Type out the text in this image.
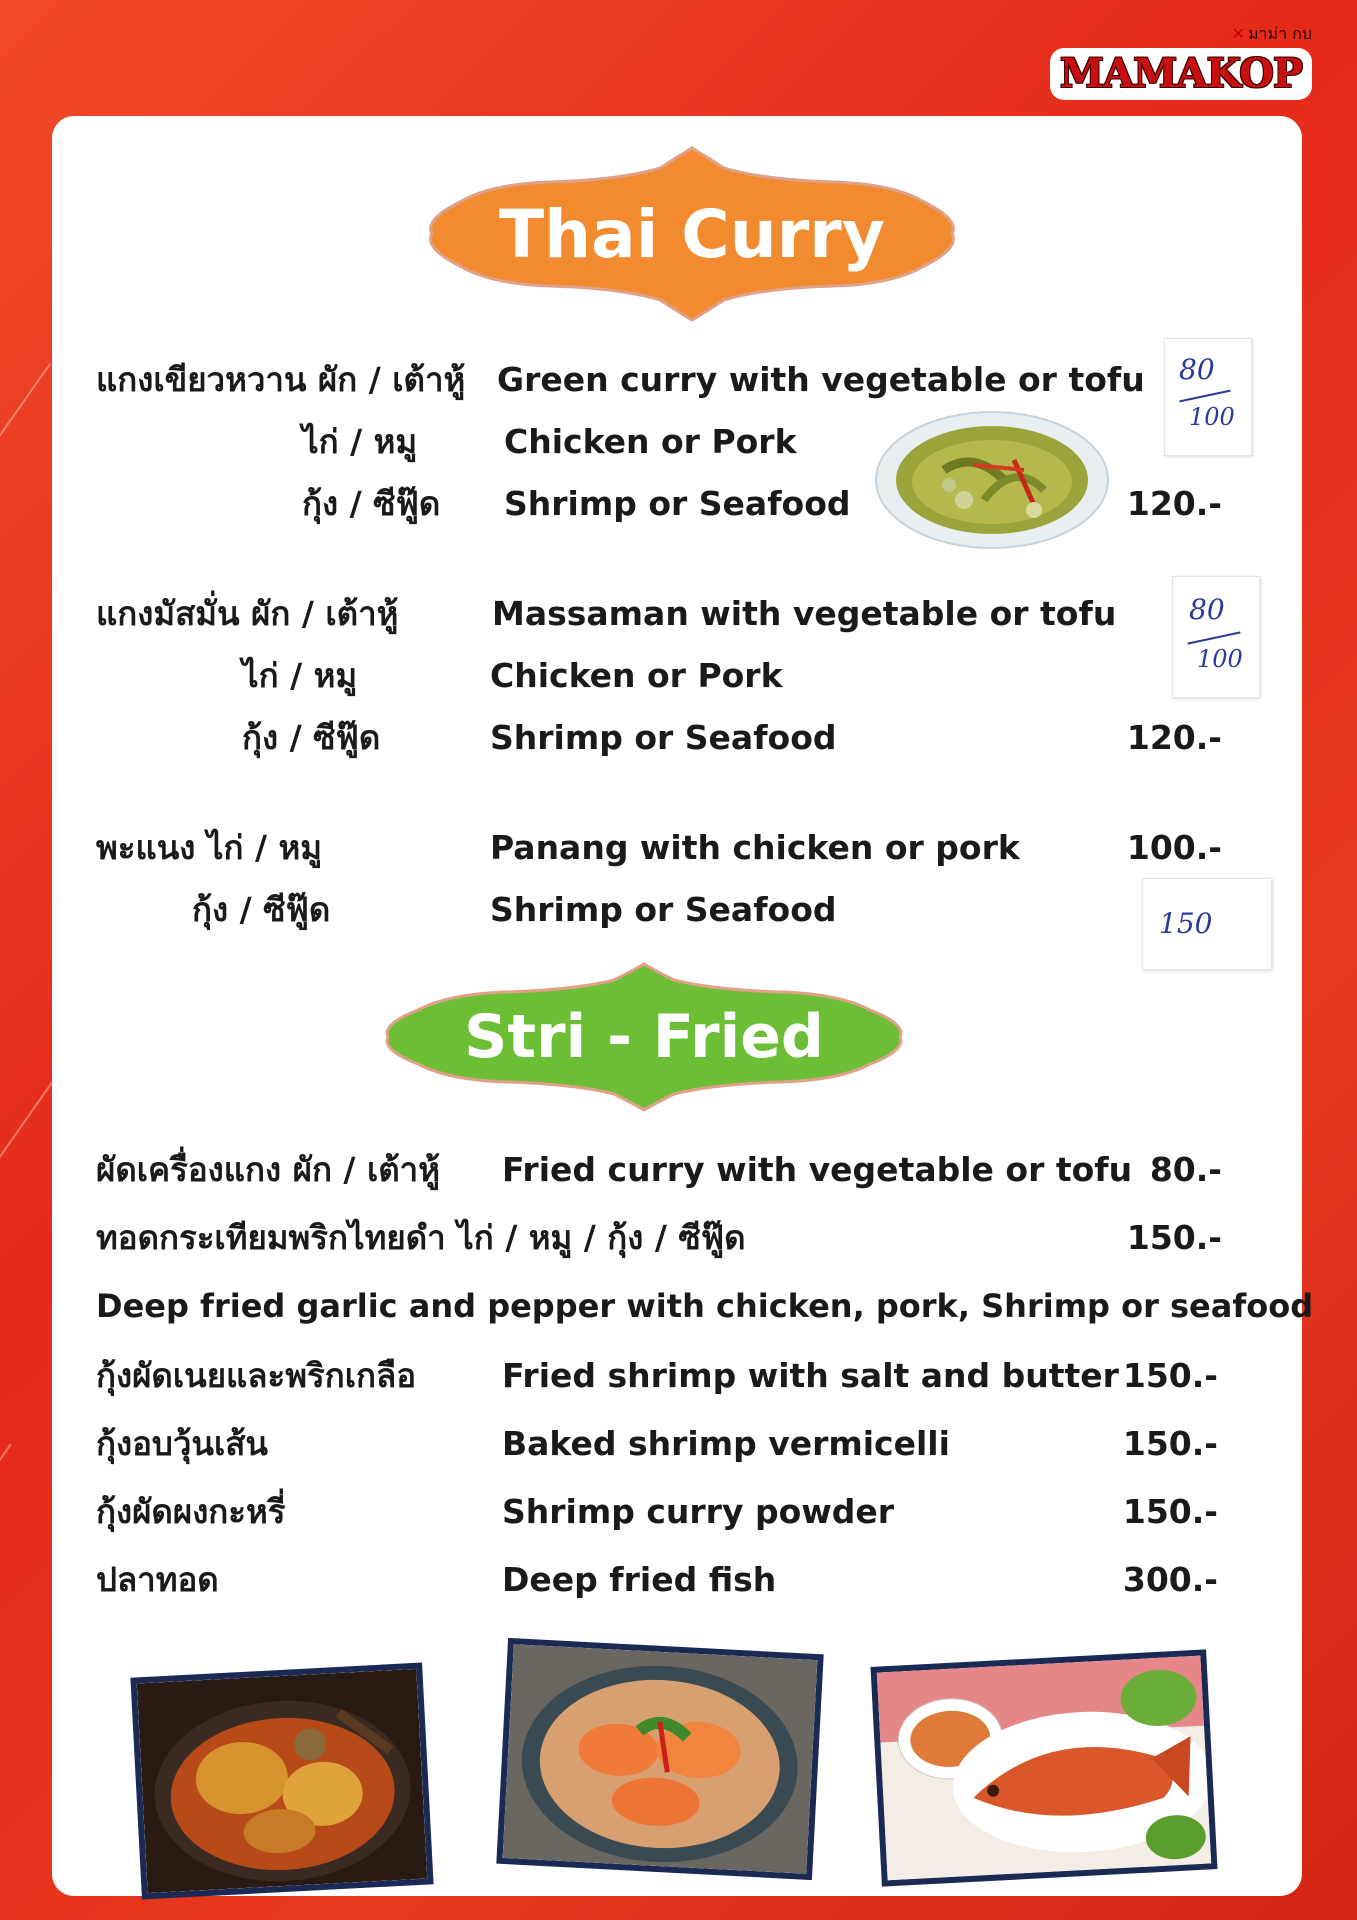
✕ มาม่า กบ
MAMAKOP
Thai Curry
แกงเขียวหวาน ผัก / เต้าหู้ Green curry with vegetable or tofu
ไก่ / หมู	Chicken or Pork
กุ้ง / ซีฟู๊ด Shrimp or Seafood	120.-
แกงมัสมั่น ผัก / เต้าหู้	Massaman with vegetable or tofu
ไก่ / หมู	Chicken or Pork
กุ้ง / ซีฟู๊ด	Shrimp or Seafood	120.-
พะแนง ไก่ / หมู	Panang with chicken or pork	100.-
กุ้ง / ซีฟู๊ด	Shrimp or Seafood
80
100
80
100
150
Stri - Fried
ผัดเครื่องแกง ผัก / เต้าหู้ Fried curry with vegetable or tofu 80.-
ทอดกระเทียมพริกไทยดำ ไก่ / หมู / กุ้ง / ซีฟู๊ด	150.-
Deep fried garlic and pepper with chicken, pork, Shrimp or seafood
กุ้งผัดเนยและพริกเกลือ	Fried shrimp with salt and butter 150.-
กุ้งอบวุ้นเส้น	Baked shrimp vermicelli	150.-
กุ้งผัดผงกะหรี่	Shrimp curry powder	150.-
ปลาทอด	Deep fried fish	300.-
